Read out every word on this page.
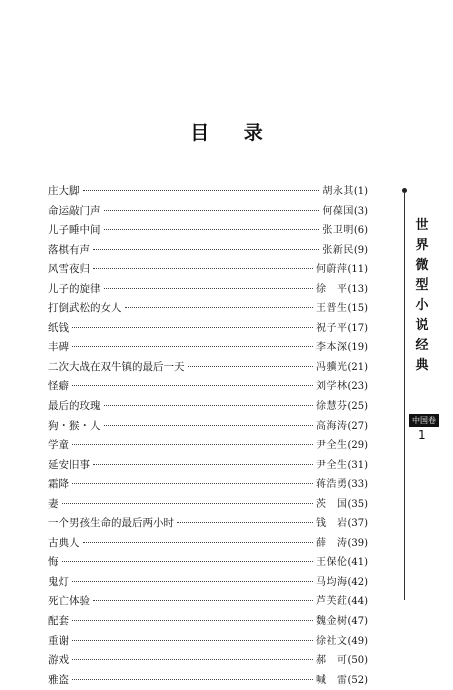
目 录
庄大脚	胡永其 (1)
命运敲门声	何葆国 (3)
儿子睡中间	张卫明 (6)
落棋有声	张新民 (9)
风雪夜归	何蔚萍 (11)
儿子的旋律	徐　平 (13)
打倒武松的女人	王普生 (15)
纸钱	祝子平 (17)
丰碑	李本深 (19)
二次大战在双牛镇的最后一天	冯骥光 (21)
怪癖	刘学林 (23)
最后的玫瑰	徐慧芬 (25)
狗・猴・人	高海涛 (27)
学童	尹全生 (29)
延安旧事	尹全生 (31)
霜降	蒋浩勇 (33)
妻	茨　国 (35)
一个男孩生命的最后两小时	钱　岩 (37)
古典人	薛　涛 (39)
悔	王保伦 (41)
鬼灯	马均海 (42)
死亡体验	芦芙荭 (44)
配套	魏金树 (47)
重谢	徐社文 (49)
游戏	郝　可 (50)
雅盗	喊　雷 (52)
世
界
微
型
小
说
经
典
中国卷
1
